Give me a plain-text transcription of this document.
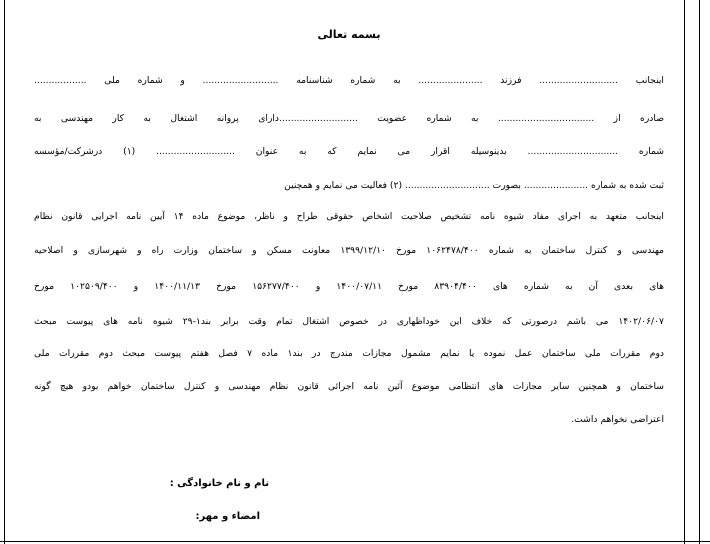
بسمه تعالی
اینجانب ........................... فرزند ...................... به شماره شناسنامه .......................... و شماره ملی ..................
صادره از ................................. به شماره عضویت ...........................دارای پروانه اشتغال به کار مهندسی به
شماره ............................... بدینوسیله اقرار می نمایم که به عنوان ........................... (۱) درشرکت/مؤسسه
ثبت شده به شماره ...................... بصورت ............................. (۲) فعالیت می نمایم و همچنین
اینجانب متعهد به اجرای مفاد شیوه نامه تشخیص صلاحیت اشخاص حقوقی طراح و ناظر، موضوع ماده ۱۴ آیین نامه اجرایی قانون نظام
مهندسی و کنترل ساختمان به شماره ۱۰۶۲۴۷۸/۴۰۰ مورخ ۱۳۹۹/۱۲/۱۰ معاونت مسکن و ساختمان وزارت راه و شهرسازی و اصلاحیه
های بعدی آن به شماره های ۸۳۹۰۴/۴۰۰ مورخ ۱۴۰۰/۰۷/۱۱ و ۱۵۶۲۷۷/۴۰۰ مورخ ۱۴۰۰/۱۱/۱۳ و ۱۰۲۵۰۹/۴۰۰ مورخ
۱۴۰۲/۰۶/۰۷ می باشم درصورتی که خلاف این خوداظهاری در خصوص اشتغال تمام وقت برابر بند۱-۲۹ شیوه نامه های پیوست مبحث
دوم مقررات ملی ساختمان عمل نموده یا نمایم مشمول مجازات مندرج در بند۱ ماده ۷ فصل هفتم پیوست مبحث دوم مقررات ملی
ساختمان و همچنین سایر مجازات های انتظامی موضوع آئین نامه اجرائی قانون نظام مهندسی و کنترل ساختمان خواهم بودو هیچ گونه
اعتراضی نخواهم داشت.
نام و نام خانوادگی :
امضاء و مهر:
